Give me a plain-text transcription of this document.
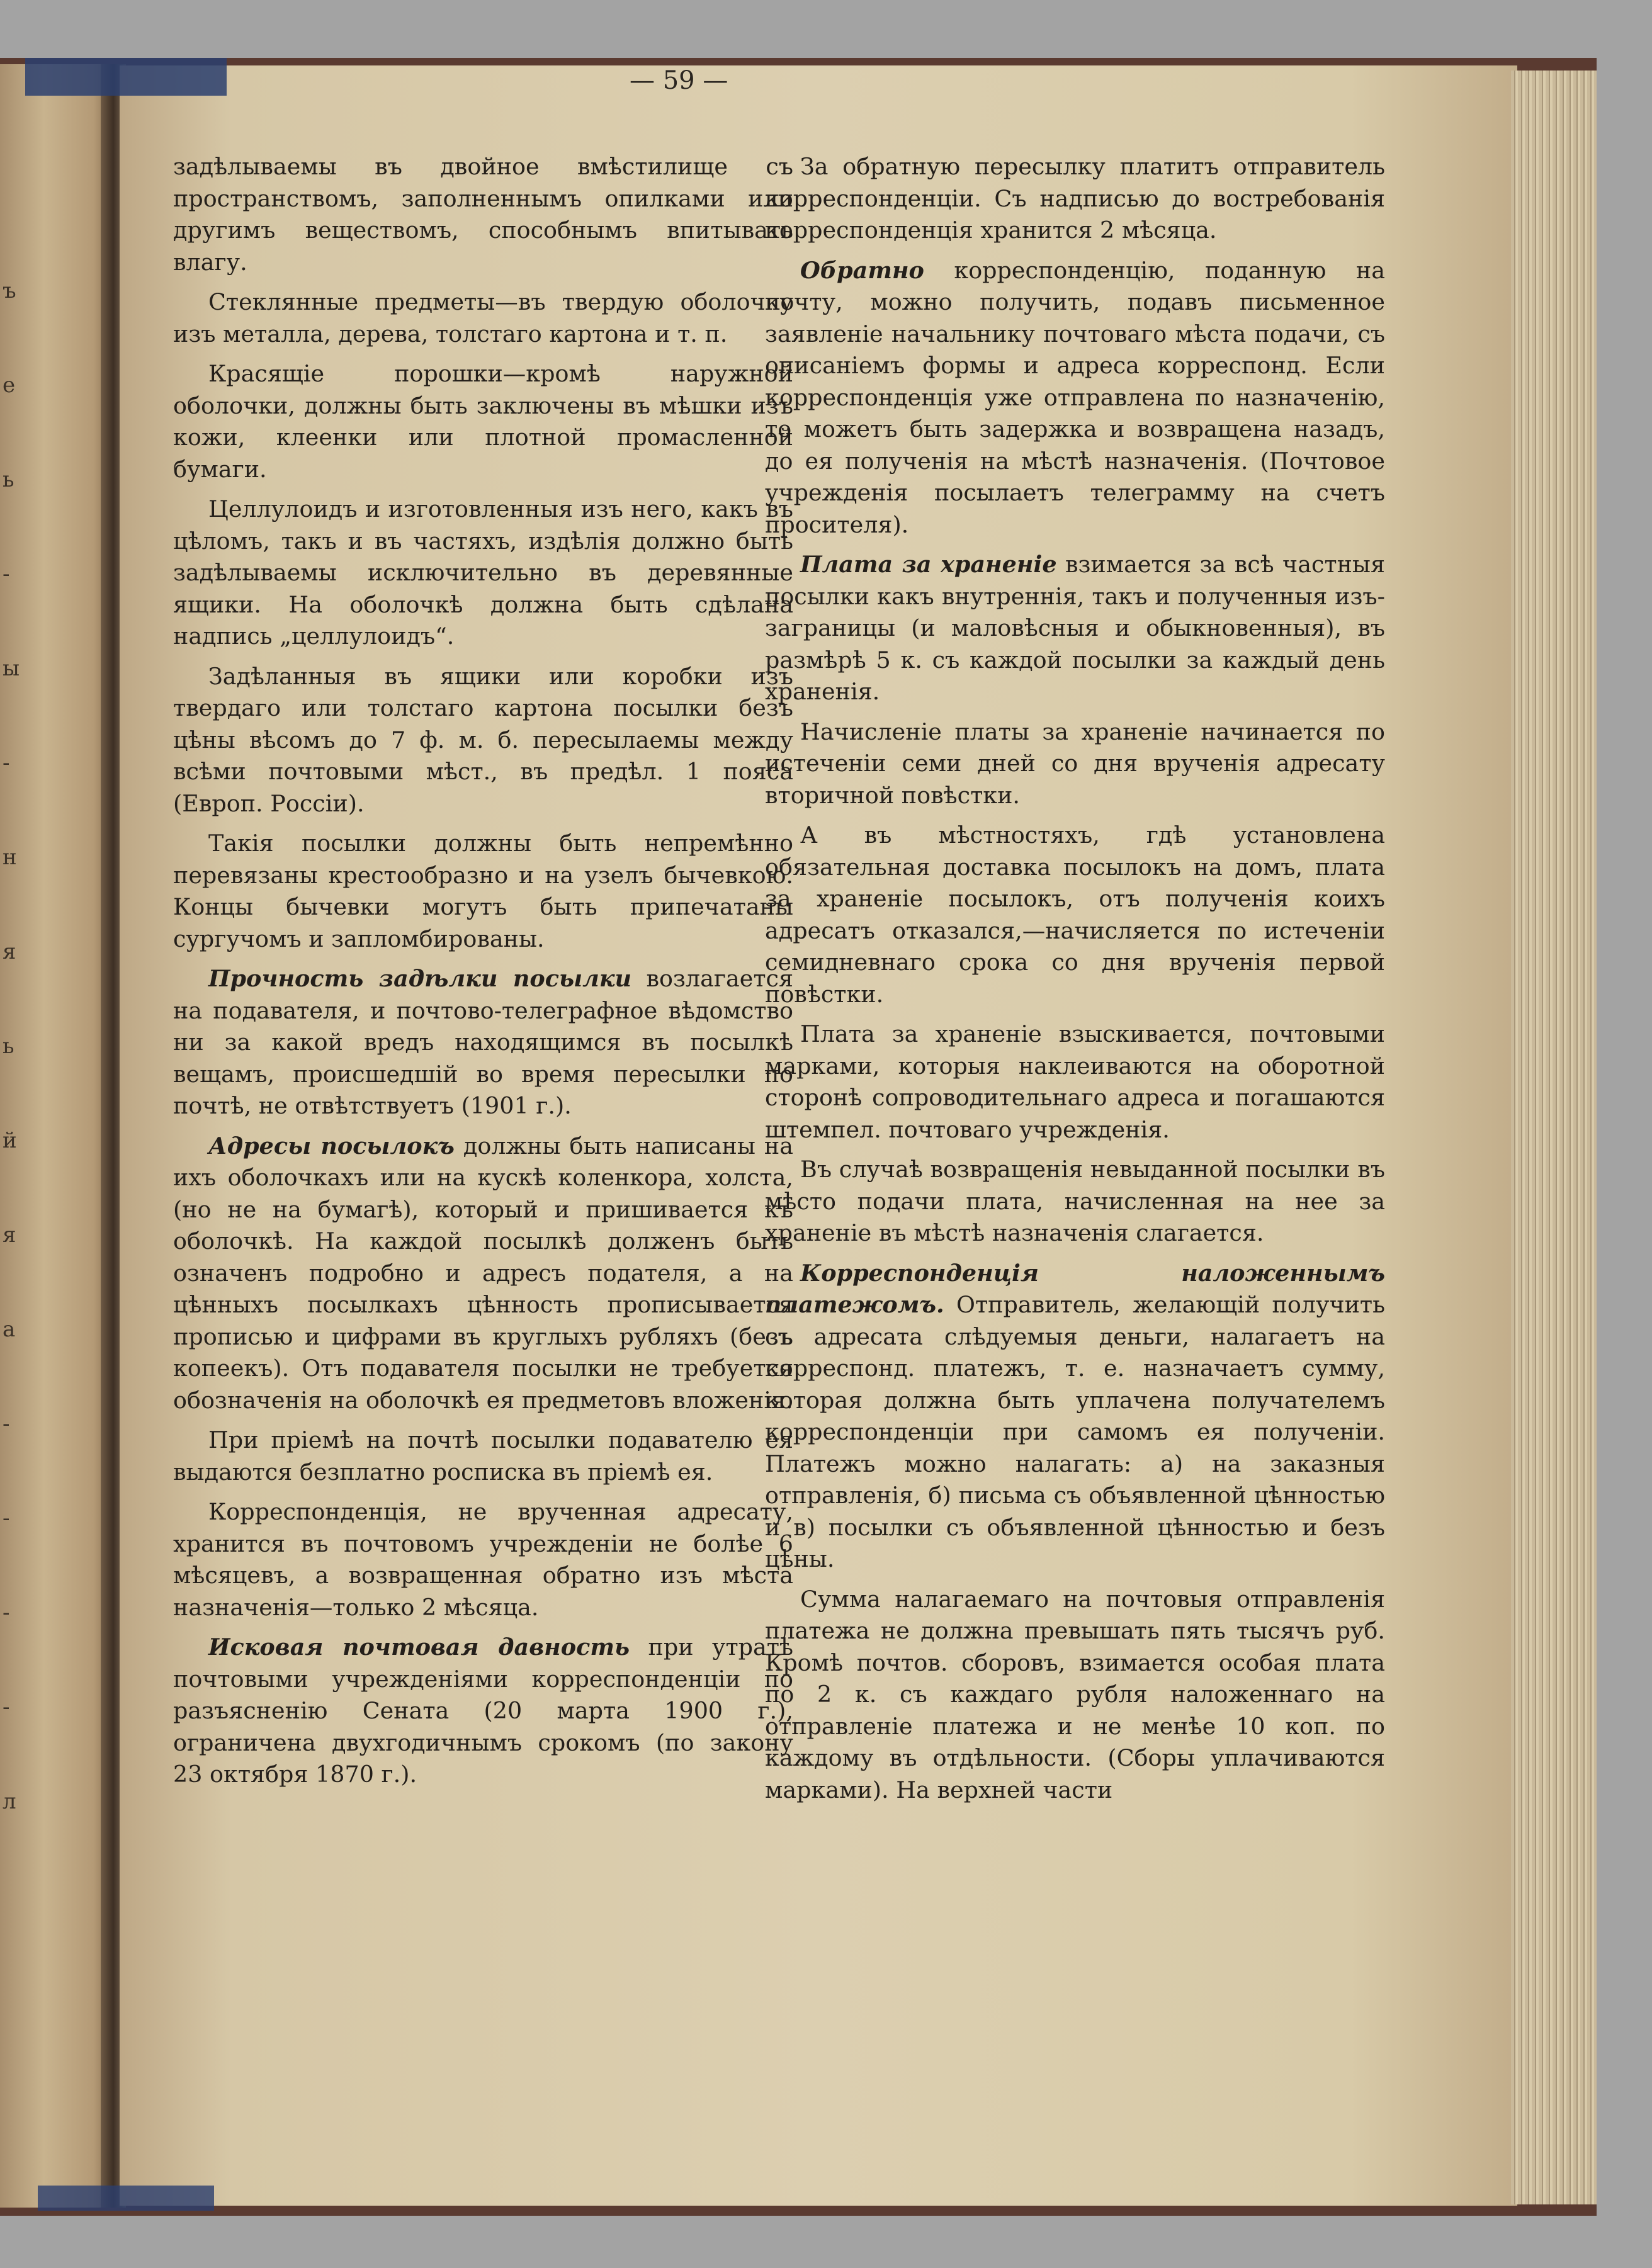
ъ
е
ь
-
ы
-
н
я
ь
й
я
а
-
-
-
-
л
— 59 —

задѣлываемы въ двойное вмѣстилище съ пространствомъ, заполненнымъ опилками или другимъ веществомъ, способнымъ впитывать влагу.

Стеклянные предметы—въ твердую оболочку изъ металла, дерева, толстаго картона и т. п.

Красящіе порошки—кромѣ наружной оболочки, должны быть заключены въ мѣшки изъ кожи, клеенки или плотной промасленной бумаги.

Целлулоидъ и изготовленныя изъ него, какъ въ цѣломъ, такъ и въ частяхъ, издѣлія должно быть задѣлываемы исключительно въ деревянные ящики. На оболочкѣ должна быть сдѣлана надпись „целлулоидъ“.

Задѣланныя въ ящики или коробки изъ твердаго или толстаго картона посылки безъ цѣны вѣсомъ до 7 ф. м. б. пересылаемы между всѣми почтовыми мѣст., въ предѣл. 1 пояса (Европ. Россіи).

Такія посылки должны быть непремѣнно перевязаны крестообразно и на узелъ бычевкою. Концы бычевки могутъ быть припечатаны сургучомъ и запломбированы.

Прочность задѣлки посылки возлагается на подавателя, и почтово-телеграфное вѣдомство ни за какой вредъ находящимся въ посылкѣ вещамъ, происшедшій во время пересылки по почтѣ, не отвѣтствуетъ (1901 г.).

Адресы посылокъ должны быть написаны на ихъ оболочкахъ или на кускѣ коленкора, холста, (но не на бумагѣ), который и пришивается къ оболочкѣ. На каждой посылкѣ долженъ быть означенъ подробно и адресъ подателя, а на цѣнныхъ посылкахъ цѣнность прописывается прописью и цифрами въ круглыхъ рубляхъ (безъ копеекъ). Отъ подавателя посылки не требуется обозначенія на оболочкѣ ея предметовъ вложенія.

При пріемѣ на почтѣ посылки подавателю ея выдаются безплатно росписка въ пріемѣ ея.

Корреспонденція, не врученная адресату, хранится въ почтовомъ учрежденіи не болѣе 6 мѣсяцевъ, а возвращенная обратно изъ мѣста назначенія—только 2 мѣсяца.

Исковая почтовая давность при утратѣ почтовыми учрежденіями корреспонденціи по разъясненію Сената (20 марта 1900 г.), ограничена двухгодичнымъ срокомъ (по закону 23 октября 1870 г.).

За обратную пересылку платитъ отправитель корреспонденціи. Съ надписью до востребованія корреспонденція хранится 2 мѣсяца.

Обратно корреспонденцію, поданную на почту, можно получить, подавъ письменное заявленіе начальнику почтоваго мѣста подачи, съ описаніемъ формы и адреса корреспонд. Если корреспонденція уже отправлена по назначенію, то можетъ быть задержка и возвращена назадъ, до ея полученія на мѣстѣ назначенія. (Почтовое учрежденія посылаетъ телеграмму на счетъ просителя).

Плата за храненіе взимается за всѣ частныя посылки какъ внутреннія, такъ и полученныя изъ-заграницы (и маловѣсныя и обыкновенныя), въ размѣрѣ 5 к. съ каждой посылки за каждый день храненія.

Начисленіе платы за храненіе начинается по истеченіи семи дней со дня врученія адресату вторичной повѣстки.

А въ мѣстностяхъ, гдѣ установлена обязательная доставка посылокъ на домъ, плата за храненіе посылокъ, отъ полученія коихъ адресатъ отказался,—начисляется по истеченіи семидневнаго срока со дня врученія первой повѣстки.

Плата за храненіе взыскивается, почтовыми марками, которыя наклеиваются на оборотной сторонѣ сопроводительнаго адреса и погашаются штемпел. почтоваго учрежденія.

Въ случаѣ возвращенія невыданной посылки въ мѣсто подачи плата, начисленная на нее за храненіе въ мѣстѣ назначенія слагается.

Корреспонденція наложеннымъ платежомъ. Отправитель, желающій получить съ адресата слѣдуемыя деньги, налагаетъ на корреспонд. платежъ, т. е. назначаетъ сумму, которая должна быть уплачена получателемъ корреспонденціи при самомъ ея полученіи. Платежъ можно налагать: а) на заказныя отправленія, б) письма съ объявленной цѣнностью и в) посылки съ объявленной цѣнностью и безъ цѣны.

Сумма налагаемаго на почтовыя отправленія платежа не должна превышать пять тысячъ руб. Кромѣ почтов. сборовъ, взимается особая плата по 2 к. съ каждаго рубля наложеннаго на отправленіе платежа и не менѣе 10 коп. по каждому въ отдѣльности. (Сборы уплачиваются марками). На верхней части
